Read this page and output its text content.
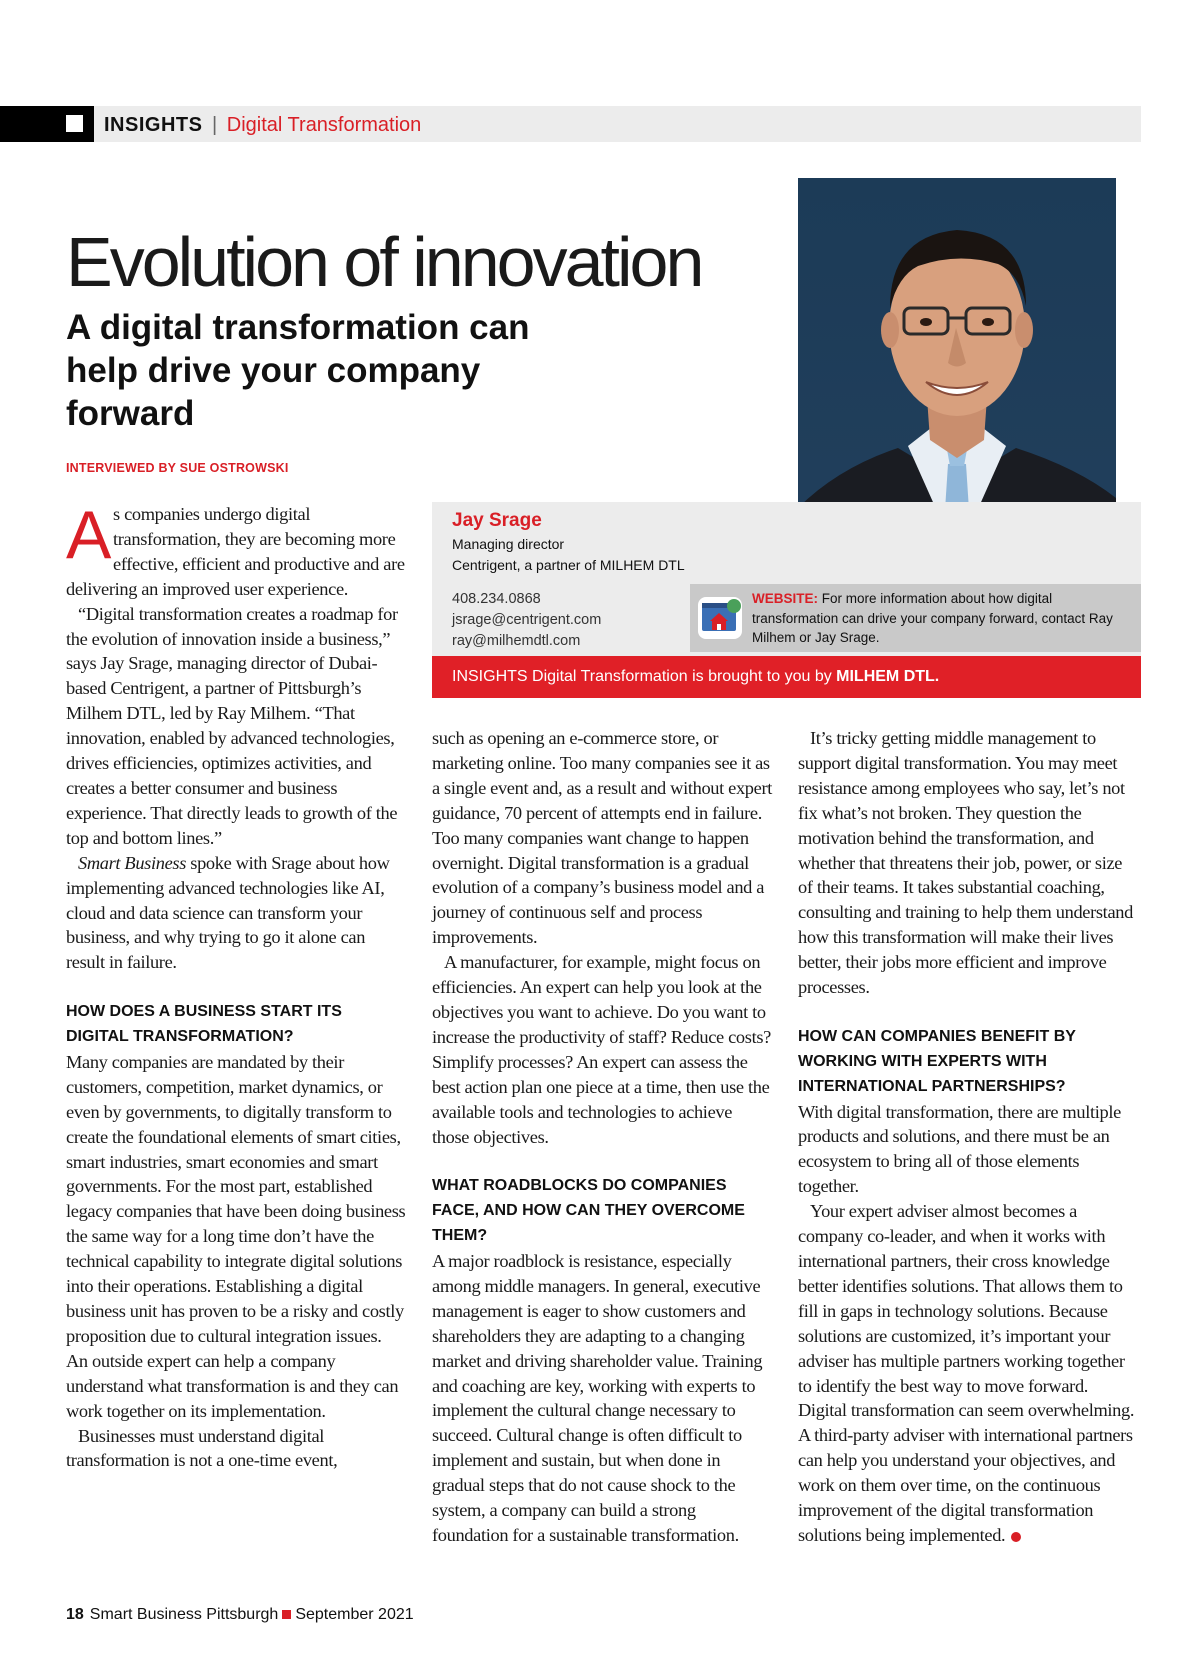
INSIGHTS | Digital Transformation
Evolution of innovation
A digital transformation can help drive your company forward
INTERVIEWED BY SUE OSTROWSKI
Jay Srage
Managing director
Centrigent, a partner of MILHEM DTL
408.234.0868
jsrage@centrigent.com
ray@milhemdtl.com
WEBSITE: For more information about how digital transformation can drive your company forward, contact Ray Milhem or Jay Srage.
INSIGHTS Digital Transformation is brought to you by MILHEM DTL.

As companies undergo digital transformation, they are becoming more effective, efficient and productive and are delivering an improved user experience.

“Digital transformation creates a roadmap for the evolution of innovation inside a business,” says Jay Srage, managing director of Dubai-based Centrigent, a partner of Pittsburgh’s Milhem DTL, led by Ray Milhem. “That innovation, enabled by advanced technologies, drives efficiencies, optimizes activities, and creates a better consumer and business experience. That directly leads to growth of the top and bottom lines.”

Smart Business spoke with Srage about how implementing advanced technologies like AI, cloud and data science can transform your business, and why trying to go it alone can result in failure.

HOW DOES A BUSINESS START ITS DIGITAL TRANSFORMATION?

Many companies are mandated by their customers, competition, market dynamics, or even by governments, to digitally transform to create the foundational elements of smart cities, smart industries, smart economies and smart governments. For the most part, established legacy companies that have been doing business the same way for a long time don’t have the technical capability to integrate digital solutions into their operations. Establishing a digital business unit has proven to be a risky and costly proposition due to cultural integration issues. An outside expert can help a company understand what transformation is and they can work together on its implementation.

Businesses must understand digital transformation is not a one-time event,

such as opening an e-commerce store, or marketing online. Too many companies see it as a single event and, as a result and without expert guidance, 70 percent of attempts end in failure. Too many companies want change to happen overnight. Digital transformation is a gradual evolution of a company’s business model and a journey of continuous self and process improvements.

A manufacturer, for example, might focus on efficiencies. An expert can help you look at the objectives you want to achieve. Do you want to increase the productivity of staff? Reduce costs? Simplify processes? An expert can assess the best action plan one piece at a time, then use the available tools and technologies to achieve those objectives.

WHAT ROADBLOCKS DO COMPANIES FACE, AND HOW CAN THEY OVERCOME THEM?

A major roadblock is resistance, especially among middle managers. In general, executive management is eager to show customers and shareholders they are adapting to a changing market and driving shareholder value. Training and coaching are key, working with experts to implement the cultural change necessary to succeed. Cultural change is often difficult to implement and sustain, but when done in gradual steps that do not cause shock to the system, a company can build a strong foundation for a sustainable transformation.

It’s tricky getting middle management to support digital transformation. You may meet resistance among employees who say, let’s not fix what’s not broken. They question the motivation behind the transformation, and whether that threatens their job, power, or size of their teams. It takes substantial coaching, consulting and training to help them understand how this transformation will make their lives better, their jobs more efficient and improve processes.

HOW CAN COMPANIES BENEFIT BY WORKING WITH EXPERTS WITH INTERNATIONAL PARTNERSHIPS?

With digital transformation, there are multiple products and solutions, and there must be an ecosystem to bring all of those elements together.

Your expert adviser almost becomes a company co-leader, and when it works with international partners, their cross knowledge better identifies solutions. That allows them to fill in gaps in technology solutions. Because solutions are customized, it’s important your adviser has multiple partners working together to identify the best way to move forward. Digital transformation can seem overwhelming. A third-party adviser with international partners can help you understand your objectives, and work on them over time, on the continuous improvement of the digital transformation solutions being implemented.

18 Smart Business Pittsburgh September 2021
